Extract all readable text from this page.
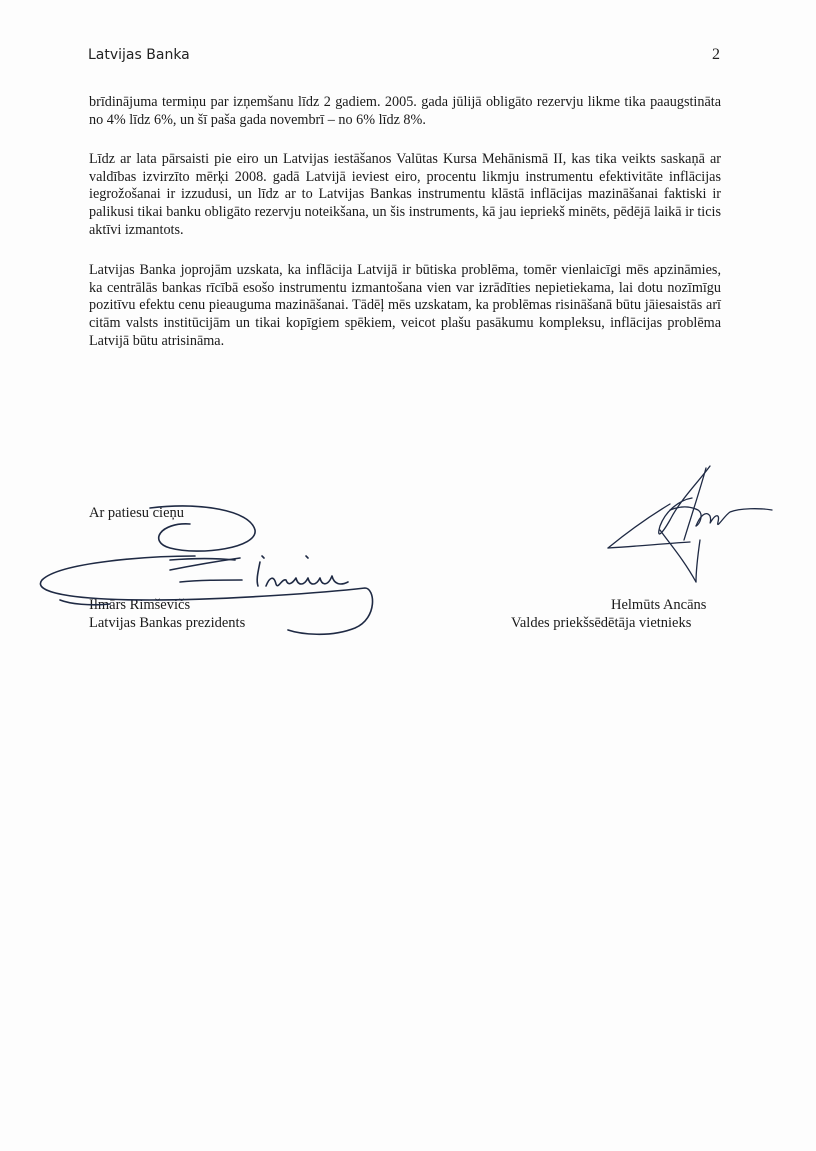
Latvijas Banka	2

brīdinājuma termiņu par izņemšanu līdz 2 gadiem. 2005. gada jūlijā obligāto rezervju likme tika paaugstināta no 4% līdz 6%, un šī paša gada novembrī – no 6% līdz 8%.

Līdz ar lata pārsaisti pie eiro un Latvijas iestāšanos Valūtas Kursa Mehānismā II, kas tika veikts saskaņā ar valdības izvirzīto mērķi 2008. gadā Latvijā ieviest eiro, procentu likmju instrumentu efektivitāte inflācijas iegrožošanai ir izzudusi, un līdz ar to Latvijas Bankas instrumentu klāstā inflācijas mazināšanai faktiski ir palikusi tikai banku obligāto rezervju noteikšana, un šis instruments, kā jau iepriekš minēts, pēdējā laikā ir ticis aktīvi izmantots.

Latvijas Banka joprojām uzskata, ka inflācija Latvijā ir būtiska problēma, tomēr vienlaicīgi mēs apzināmies, ka centrālās bankas rīcībā esošo instrumentu izmantošana vien var izrādīties nepietiekama, lai dotu nozīmīgu pozitīvu efektu cenu pieauguma mazināšanai. Tādēļ mēs uzskatam, ka problēmas risināšanā būtu jāiesaistās arī citām valsts institūcijām un tikai kopīgiem spēkiem, veicot plašu pasākumu kompleksu, inflācijas problēma Latvijā būtu atrisināma.

Ar patiesu cieņu
Ilmārs Rimšēvičs
Latvijas Bankas prezidents
Helmūts Ancāns
Valdes priekšsēdētāja vietnieks
